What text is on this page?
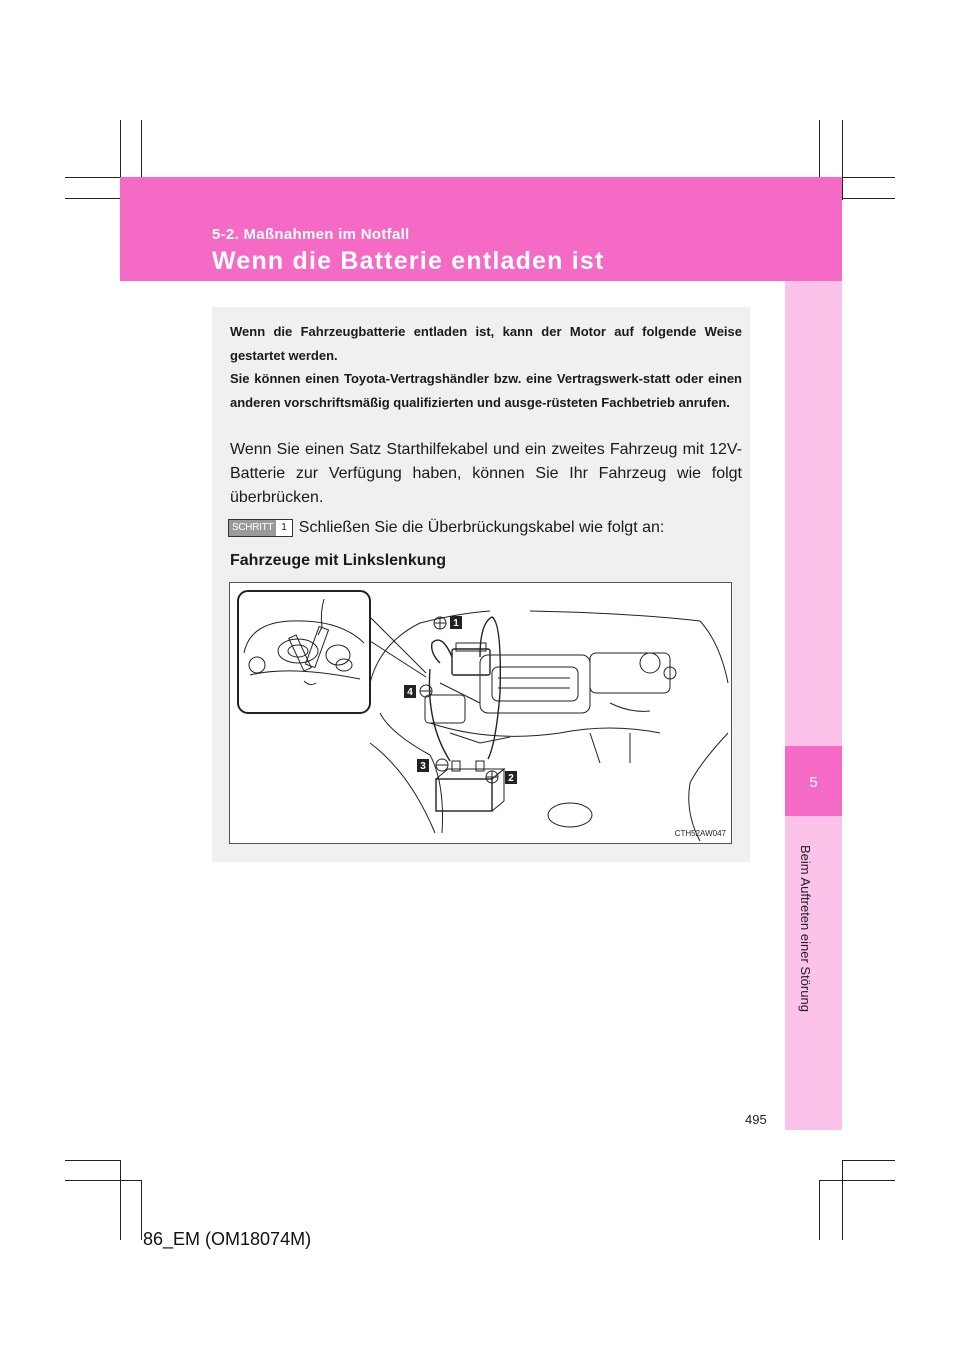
5-2. Maßnahmen im Notfall
Wenn die Batterie entladen ist
5
Beim Auftreten einer Störung

Wenn die Fahrzeugbatterie entladen ist, kann der Motor auf folgende Weise gestartet werden.

Sie können einen Toyota-Vertragshändler bzw. eine Vertragswerk-statt oder einen anderen vorschriftsmäßig qualifizierten und ausge-rüsteten Fachbetrieb anrufen.

Wenn Sie einen Satz Starthilfekabel und ein zweites Fahrzeug mit 12V-Batterie zur Verfügung haben, können Sie Ihr Fahrzeug wie folgt überbrücken.

SCHRITT 1 Schließen Sie die Überbrückungskabel wie folgt an:
Fahrzeuge mit Linkslenkung
1
2
3
4
CTH52AW047
495
86_EM (OM18074M)
